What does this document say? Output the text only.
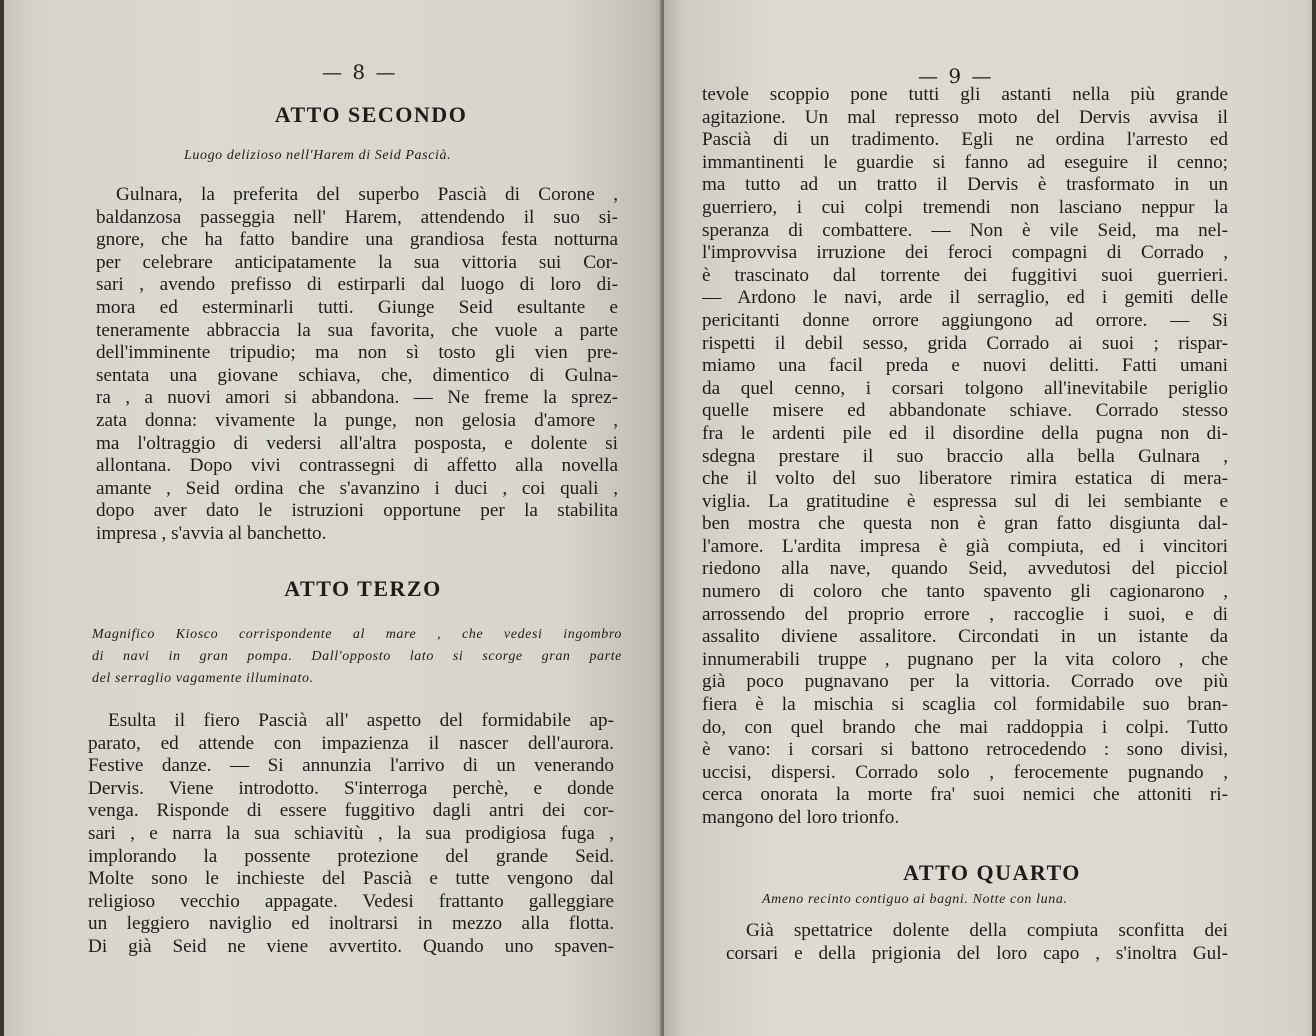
— 8 —

ATTO SECONDO

Luogo delizioso nell'Harem di Seid Pascià.

Gulnara, la preferita del superbo Pascià di Corone ,
baldanzosa passeggia nell' Harem, attendendo il suo si-
gnore, che ha fatto bandire una grandiosa festa notturna
per celebrare anticipatamente la sua vittoria sui Cor-
sari , avendo prefisso di estirparli dal luogo di loro di-
mora ed esterminarli tutti. Giunge Seid esultante e
teneramente abbraccia la sua favorita, che vuole a parte
dell'imminente tripudio; ma non sì tosto gli vien pre-
sentata una giovane schiava, che, dimentico di Gulna-
ra , a nuovi amori si abbandona. — Ne freme la sprez-
zata donna: vivamente la punge, non gelosia d'amore ,
ma l'oltraggio di vedersi all'altra posposta, e dolente si
allontana. Dopo vivi contrassegni di affetto alla novella
amante , Seid ordina che s'avanzino i duci , coi quali ,
dopo aver dato le istruzioni opportune per la stabilita
impresa , s'avvia al banchetto.
ATTO TERZO
Magnifico Kiosco corrispondente al mare , che vedesi ingombro
di navi in gran pompa. Dall'opposto lato si scorge gran parte
del serraglio vagamente illuminato.
Esulta il fiero Pascià all' aspetto del formidabile ap-
parato, ed attende con impazienza il nascer dell'aurora.
Festive danze. — Si annunzia l'arrivo di un venerando
Dervis. Viene introdotto. S'interroga perchè, e donde
venga. Risponde di essere fuggitivo dagli antri dei cor-
sari , e narra la sua schiavitù , la sua prodigiosa fuga ,
implorando la possente protezione del grande Seid.
Molte sono le inchieste del Pascià e tutte vengono dal
religioso vecchio appagate. Vedesi frattanto galleggiare
un leggiero naviglio ed inoltrarsi in mezzo alla flotta.
Di già Seid ne viene avvertito. Quando uno spaven-

— 9 —

tevole scoppio pone tutti gli astanti nella più grande
agitazione. Un mal represso moto del Dervis avvisa il
Pascià di un tradimento. Egli ne ordina l'arresto ed
immantinenti le guardie si fanno ad eseguire il cenno;
ma tutto ad un tratto il Dervis è trasformato in un
guerriero, i cui colpi tremendi non lasciano neppur la
speranza di combattere. — Non è vile Seid, ma nel-
l'improvvisa irruzione dei feroci compagni di Corrado ,
è trascinato dal torrente dei fuggitivi suoi guerrieri.
— Ardono le navi, arde il serraglio, ed i gemiti delle
pericitanti donne orrore aggiungono ad orrore. — Si
rispetti il debil sesso, grida Corrado ai suoi ; rispar-
miamo una facil preda e nuovi delitti. Fatti umani
da quel cenno, i corsari tolgono all'inevitabile periglio
quelle misere ed abbandonate schiave. Corrado stesso
fra le ardenti pile ed il disordine della pugna non di-
sdegna prestare il suo braccio alla bella Gulnara ,
che il volto del suo liberatore rimira estatica di mera-
viglia. La gratitudine è espressa sul di lei sembiante e
ben mostra che questa non è gran fatto disgiunta dal-
l'amore. L'ardita impresa è già compiuta, ed i vincitori
riedono alla nave, quando Seid, avvedutosi del picciol
numero di coloro che tanto spavento gli cagionarono ,
arrossendo del proprio errore , raccoglie i suoi, e di
assalito diviene assalitore. Circondati in un istante da
innumerabili truppe , pugnano per la vita coloro , che
già poco pugnavano per la vittoria. Corrado ove più
fiera è la mischia si scaglia col formidabile suo bran-
do, con quel brando che mai raddoppia i colpi. Tutto
è vano: i corsari si battono retrocedendo : sono divisi,
uccisi, dispersi. Corrado solo , ferocemente pugnando ,
cerca onorata la morte fra' suoi nemici che attoniti ri-
mangono del loro trionfo.
ATTO QUARTO

Ameno recinto contiguo ai bagni. Notte con luna.

Già spettatrice dolente della compiuta sconfitta dei
corsari e della prigionia del loro capo , s'inoltra Gul-
